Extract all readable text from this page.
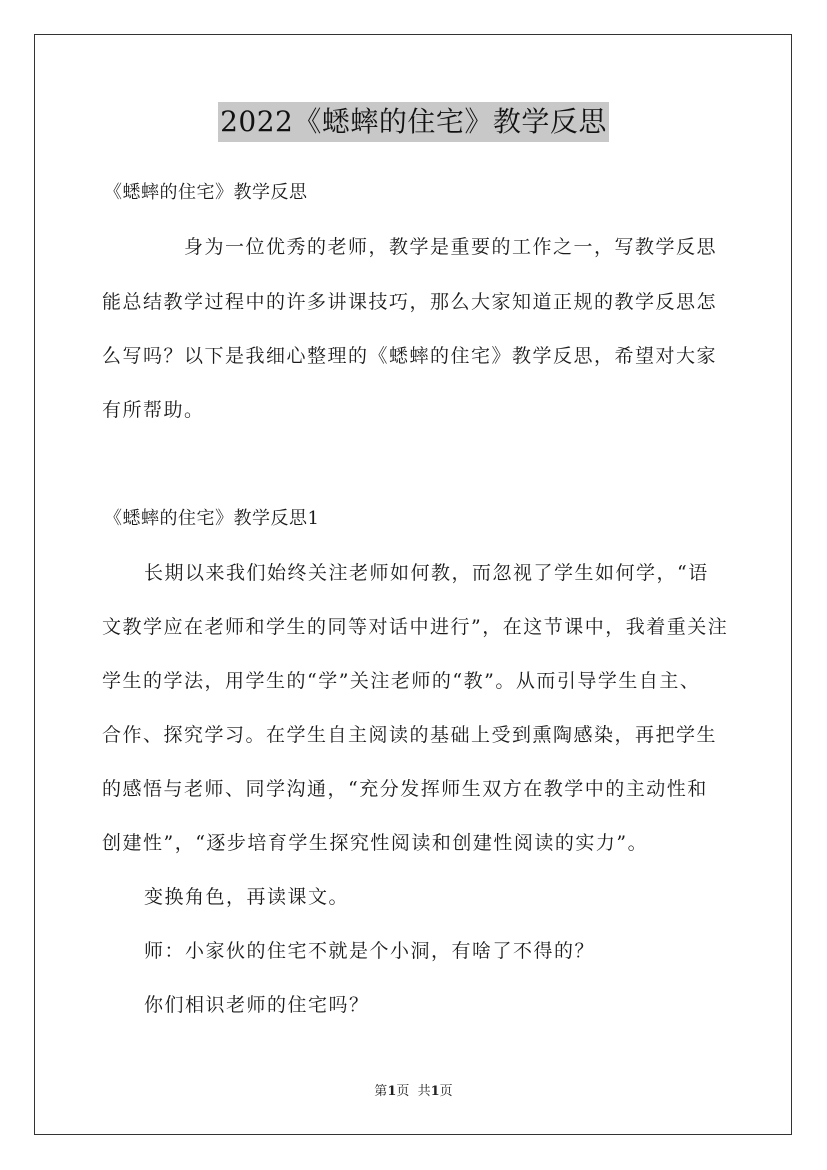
2022《蟋蟀的住宅》教学反思
《蟋蟀的住宅》教学反思
身为一位优秀的老师，教学是重要的工作之一，写教学反思
能总结教学过程中的许多讲课技巧，那么大家知道正规的教学反思怎
么写吗？以下是我细心整理的《蟋蟀的住宅》教学反思，希望对大家
有所帮助。
《蟋蟀的住宅》教学反思1
长期以来我们始终关注老师如何教，而忽视了学生如何学，“语
文教学应在老师和学生的同等对话中进行”，在这节课中，我着重关注
学生的学法，用学生的“学”关注老师的“教”。从而引导学生自主、
合作、探究学习。在学生自主阅读的基础上受到熏陶感染，再把学生
的感悟与老师、同学沟通，“充分发挥师生双方在教学中的主动性和
创建性”，“逐步培育学生探究性阅读和创建性阅读的实力”。
变换角色，再读课文。
师：小家伙的住宅不就是个小洞，有啥了不得的？
你们相识老师的住宅吗？
第1页  共1页
